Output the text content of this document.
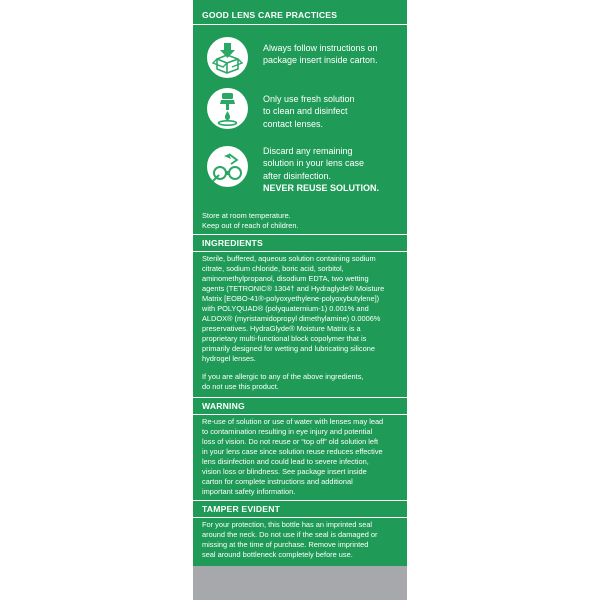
GOOD LENS CARE PRACTICES
Always follow instructions on
package insert inside carton.
Only use fresh solution
to clean and disinfect
contact lenses.
Discard any remaining
solution in your lens case
after disinfection.
NEVER REUSE SOLUTION.
Store at room temperature.
Keep out of reach of children.
INGREDIENTS
Sterile, buffered, aqueous solution containing sodium
citrate, sodium chloride, boric acid, sorbitol,
aminomethylpropanol, disodium EDTA, two wetting
agents (TETRONIC® 1304† and Hydraglyde® Moisture
Matrix [EOBO-41®-polyoxyethylene-polyoxybutylene])
with POLYQUAD® (polyquaternium-1) 0.001% and
ALDOX® (myristamidopropyl dimethylamine) 0.0006%
preservatives. HydraGlyde® Moisture Matrix is a
proprietary multi-functional block copolymer that is
primarily designed for wetting and lubricating silicone
hydrogel lenses.
If you are allergic to any of the above ingredients,
do not use this product.
WARNING
Re-use of solution or use of water with lenses may lead
to contamination resulting in eye injury and potential
loss of vision. Do not reuse or “top off” old solution left
in your lens case since solution reuse reduces effective
lens disinfection and could lead to severe infection,
vision loss or blindness. See package insert inside
carton for complete instructions and additional
important safety information.
TAMPER EVIDENT
For your protection, this bottle has an imprinted seal
around the neck. Do not use if the seal is damaged or
missing at the time of purchase. Remove imprinted
seal around bottleneck completely before use.
